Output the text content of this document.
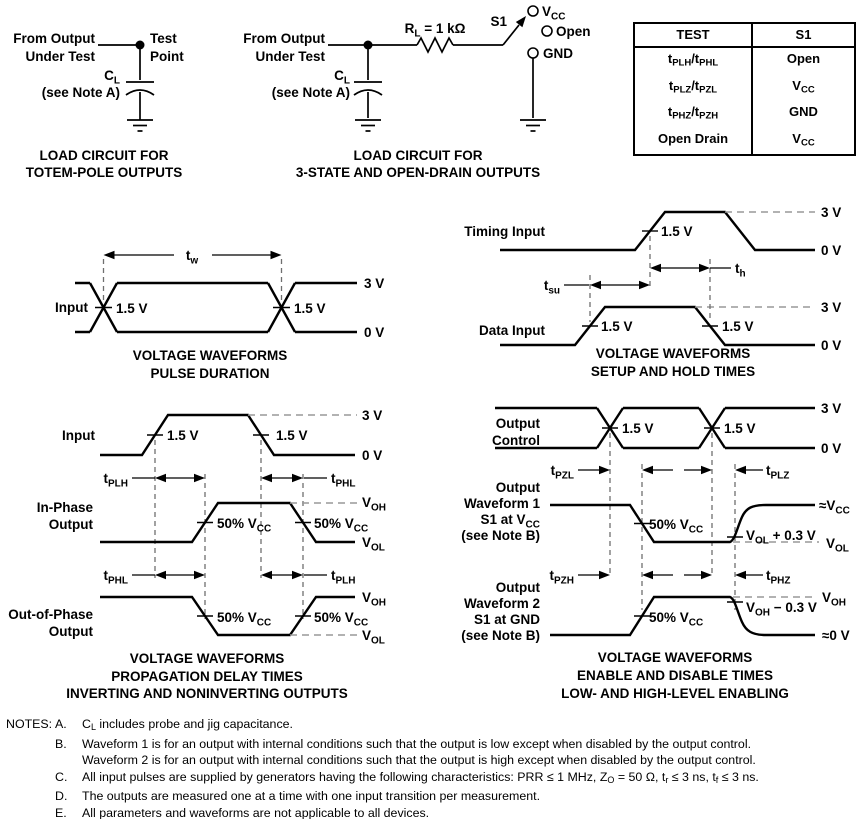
From Output
Under Test
Test
Point
$C_L$
(see Note A)
LOAD CIRCUIT FOR
TOTEM-POLE OUTPUTS
From Output
Under Test
$C_L$
(see Note A)
$R_L = 1$ kΩ S1
$V_{CC}$
Open
GND
LOAD CIRCUIT FOR
3-STATE AND OPEN-DRAIN OUTPUTS
TEST	S1
$t_{PLH}/t_{PHL}$	Open
$t_{PLZ}/t_{PZL}$	$V_{CC}$
$t_{PHZ}/t_{PZH}$	GND
Open Drain	$V_{CC}$
$t_w$
Input 1.5 V	1.5 V
3 V
0 V
VOLTAGE WAVEFORMS
PULSE DURATION
Timing Input
Data Input
1.5 V
1.5 V	1.5 V
$t_h$
$t_{su}$
3 V
0 V
3 V
0 V
VOLTAGE WAVEFORMS
SETUP AND HOLD TIMES
Input	1.5 V	1.5 V
3 V
0 V
$t_{PLH}$	$t_{PHL}$
In-Phase
Output	50% $V_{CC}$	50% $V_{CC}$
$V_{OH}$
$V_{OL}$
$t_{PHL}$	$t_{PLH}$
Out-of-Phase
Output
50% $V_{CC}$	50% $V_{CC}$
$V_{OH}$
$V_{OL}$
VOLTAGE WAVEFORMS
PROPAGATION DELAY TIMES
INVERTING AND NONINVERTING OUTPUTS
Output
Control
1.5 V	1.5 V
3 V
0 V
$t_{PZL}$	$t_{PLZ}$
Output
Waveform 1
S1 at $V_{CC}$
(see Note B)
50% $V_{CC}$
$\approx V_{CC}$
$V_{OL} + 0.3$ V
$V_{OL}$
$t_{PZH}$	$t_{PHZ}$
Output
Waveform 2
S1 at GND
(see Note B)
50% $V_{CC}$
$V_{OH} - 0.3$ V
$V_{OH}$
≈0 V
VOLTAGE WAVEFORMS
ENABLE AND DISABLE TIMES
LOW- AND HIGH-LEVEL ENABLING
NOTES: A.	$C_L$ includes probe and jig capacitance.
B.	Waveform 1 is for an output with internal conditions such that the output is low except when disabled by the output control.
Waveform 2 is for an output with internal conditions such that the output is high except when disabled by the output control.
C.	All input pulses are supplied by generators having the following characteristics: PRR ≤ 1 MHz, $Z_O = 50$ Ω, $t_r \le 3$ ns, $t_f \le 3$ ns.
D.	The outputs are measured one at a time with one input transition per measurement.
E.	All parameters and waveforms are not applicable to all devices.
